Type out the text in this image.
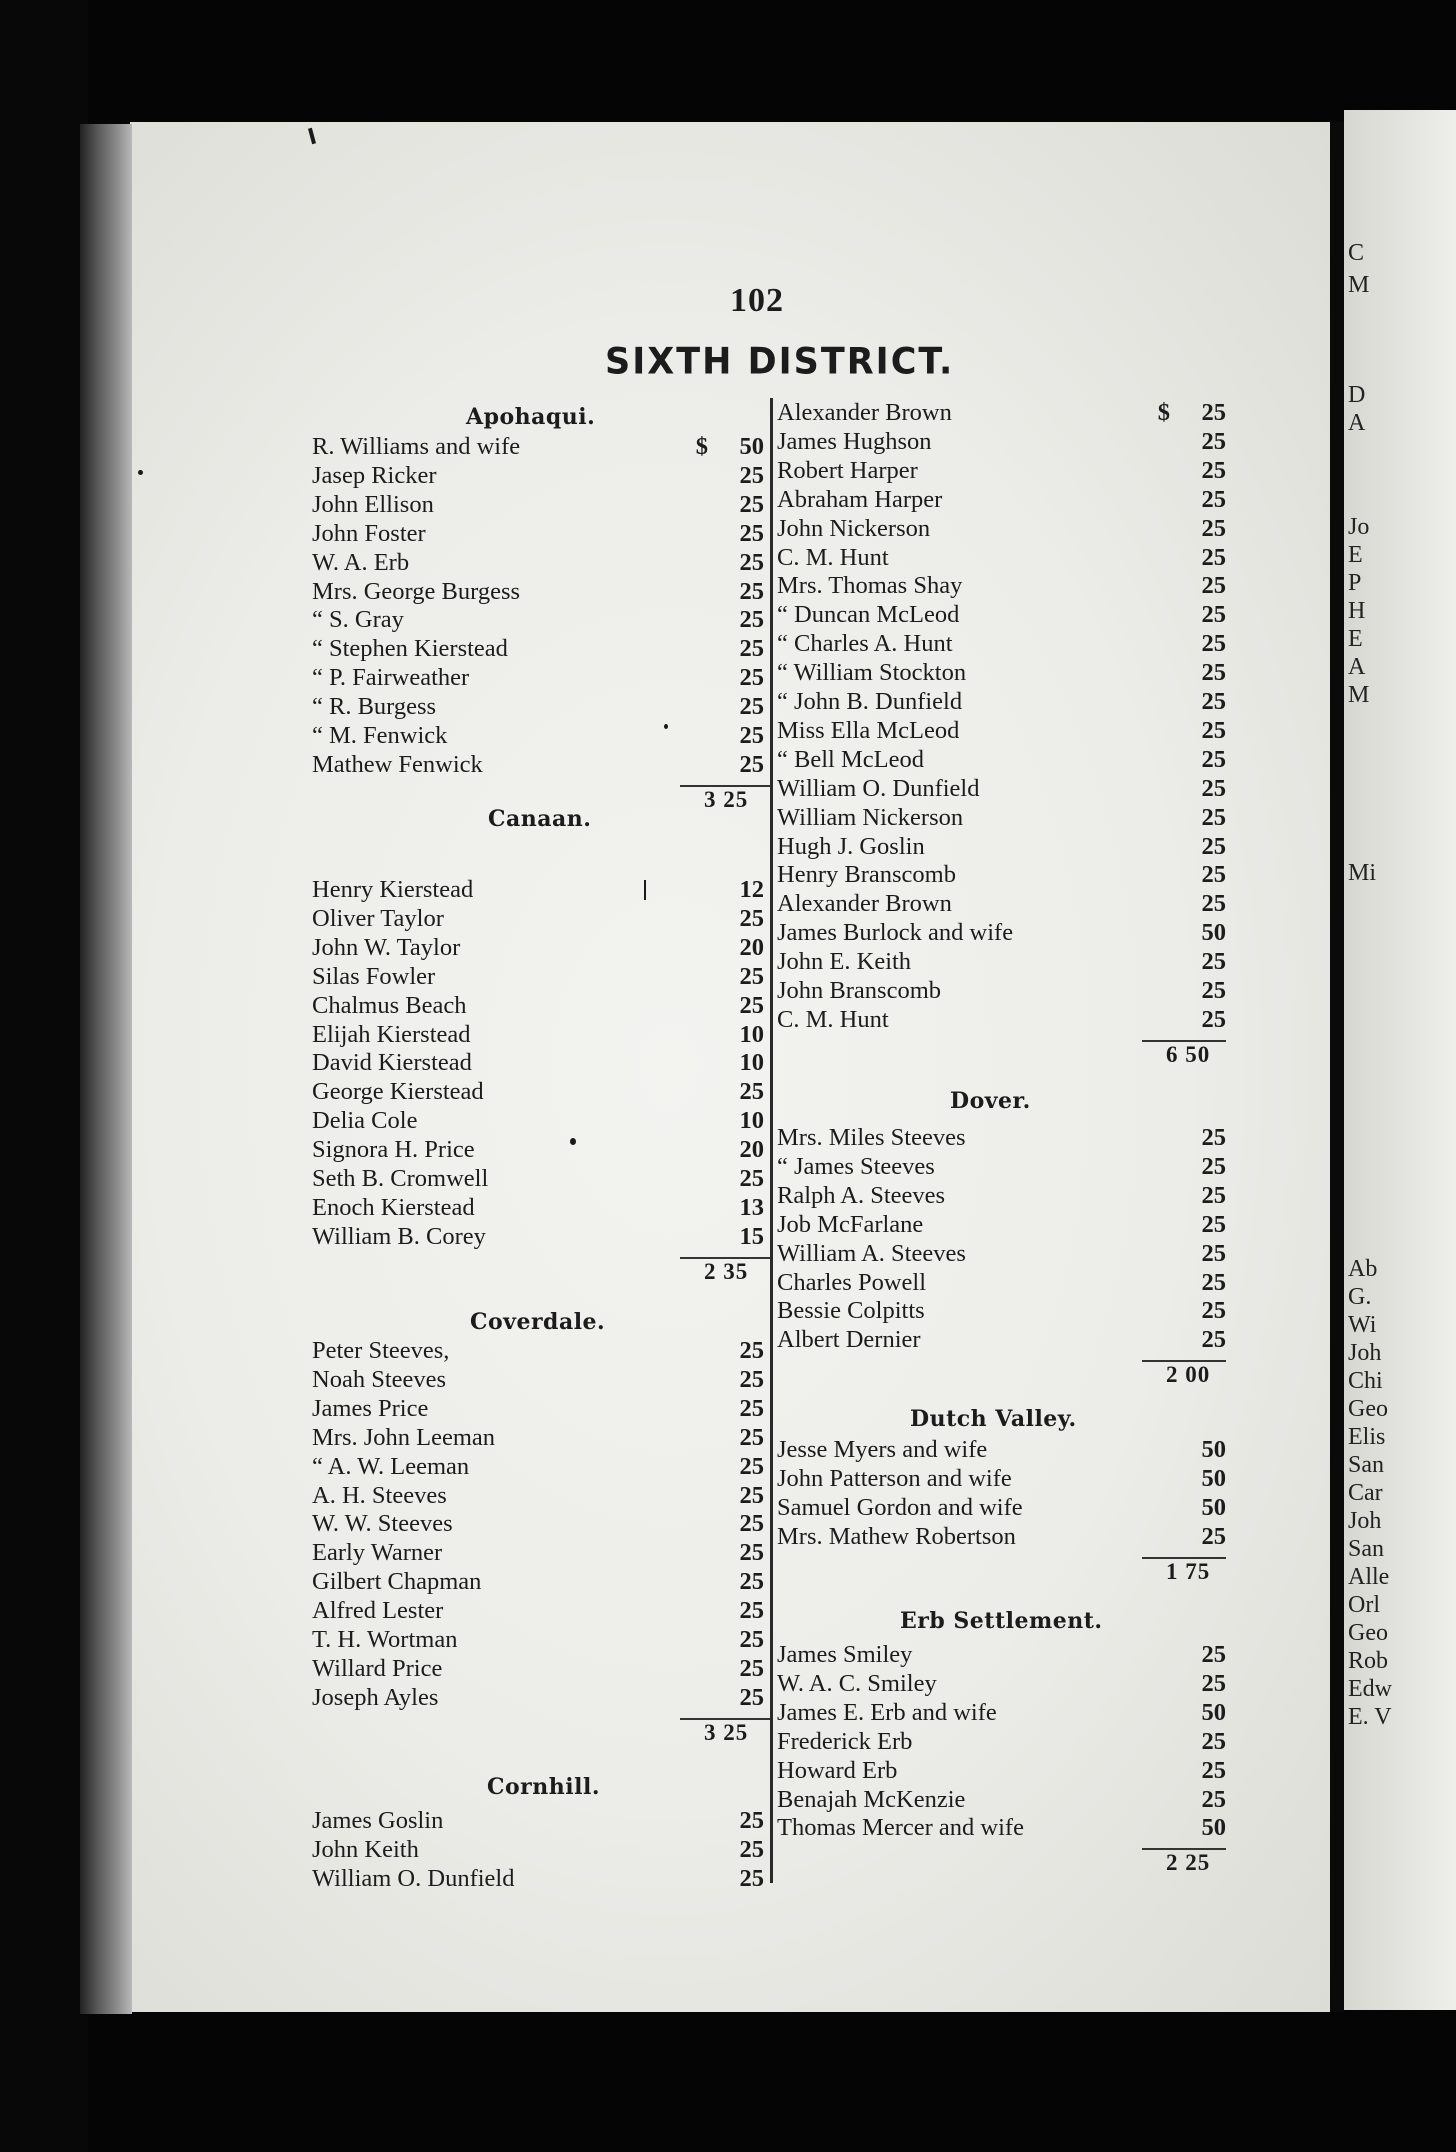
C
M
D
A
Jo
E
P
H
E
A
M
Mi
Ab
G.
Wi
Joh
Chi
Geo
Elis
San
Car
Joh
San
Alle
Orl
Geo
Rob
Edw
E. V
102
SIXTH DISTRICT.
Apohaqui.
R. Williams and wife	$ 50
Jasep Ricker	25
John Ellison	25
John Foster	25
W. A. Erb	25
Mrs. George Burgess	25
“ S. Gray	25
“ Stephen Kierstead	25
“ P. Fairweather	25
“ R. Burgess	25
“ M. Fenwick	25
Mathew Fenwick	25
3 25
Canaan.
Henry Kierstead	12
Oliver Taylor	25
John W. Taylor	20
Silas Fowler	25
Chalmus Beach	25
Elijah Kierstead	10
David Kierstead	10
George Kierstead	25
Delia Cole	10
Signora H. Price	20
Seth B. Cromwell	25
Enoch Kierstead	13
William B. Corey	15
2 35
Coverdale.
Peter Steeves,	25
Noah Steeves	25
James Price	25
Mrs. John Leeman	25
“ A. W. Leeman	25
A. H. Steeves	25
W. W. Steeves	25
Early Warner	25
Gilbert Chapman	25
Alfred Lester	25
T. H. Wortman	25
Willard Price	25
Joseph Ayles	25
3 25
Cornhill.
James Goslin	25
John Keith	25
William O. Dunfield	25
Alexander Brown	$ 25
James Hughson	25
Robert Harper	25
Abraham Harper	25
John Nickerson	25
C. M. Hunt	25
Mrs. Thomas Shay	25
“ Duncan McLeod	25
“ Charles A. Hunt	25
“ William Stockton	25
“ John B. Dunfield	25
Miss Ella McLeod	25
“ Bell McLeod	25
William O. Dunfield	25
William Nickerson	25
Hugh J. Goslin	25
Henry Branscomb	25
Alexander Brown	25
James Burlock and wife	50
John E. Keith	25
John Branscomb	25
C. M. Hunt	25
6 50
Dover.
Mrs. Miles Steeves	25
“ James Steeves	25
Ralph A. Steeves	25
Job McFarlane	25
William A. Steeves	25
Charles Powell	25
Bessie Colpitts	25
Albert Dernier	25
2 00
Dutch Valley.
Jesse Myers and wife	50
John Patterson and wife	50
Samuel Gordon and wife	50
Mrs. Mathew Robertson	25
1 75
Erb Settlement.
James Smiley	25
W. A. C. Smiley	25
James E. Erb and wife	50
Frederick Erb	25
Howard Erb	25
Benajah McKenzie	25
Thomas Mercer and wife	50
2 25
